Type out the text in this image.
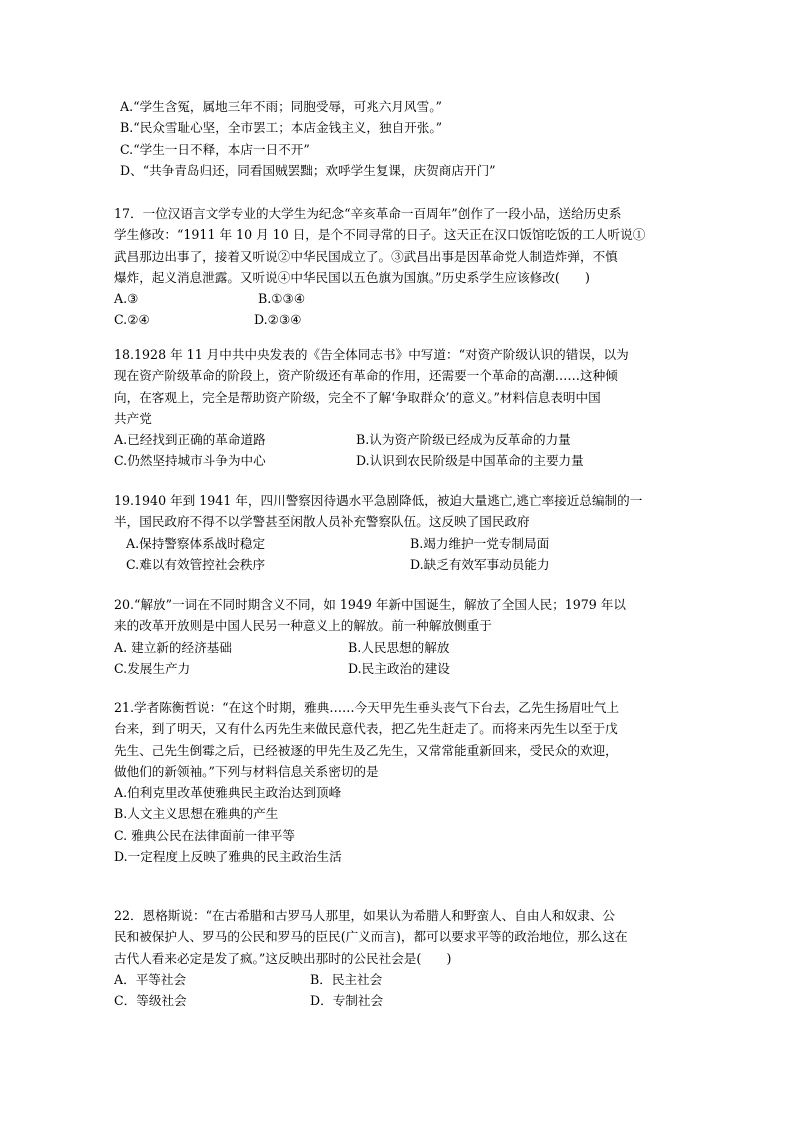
A.“学生含冤，属地三年不雨；同胞受辱，可兆六月风雪。”
B.“民众雪耻心坚，全市罢工；本店金钱主义，独自开张。”
C.“学生一日不释，本店一日不开”
D、“共争青岛归还，同看国贼罢黜；欢呼学生复课，庆贺商店开门”
17．一位汉语言文学专业的大学生为纪念“辛亥革命一百周年”创作了一段小品，送给历史系
学生修改：“1911 年 10 月 10 日，是个不同寻常的日子。这天正在汉口饭馆吃饭的工人听说①
武昌那边出事了，接着又听说②中华民国成立了。③武昌出事是因革命党人制造炸弹，不慎
爆炸，起义消息泄露。又听说④中华民国以五色旗为国旗。”历史系学生应该修改(　　)
A.③	B.①③④
C.②④	D.②③④
18.1928 年 11 月中共中央发表的《告全体同志书》中写道：“对资产阶级认识的错误，以为
现在资产阶级革命的阶段上，资产阶级还有革命的作用，还需要一个革命的高潮……这种倾
向，在客观上，完全是帮助资产阶级，完全不了解‘争取群众’的意义。”材料信息表明中国
共产党
A.已经找到正确的革命道路	B.认为资产阶级已经成为反革命的力量
C.仍然坚持城市斗争为中心	D.认识到农民阶级是中国革命的主要力量
19.1940 年到 1941 年，四川警察因待遇水平急剧降低，被迫大量逃亡,逃亡率接近总编制的一
半，国民政府不得不以学警甚至闲散人员补充警察队伍。这反映了国民政府
A.保持警察体系战时稳定	B.竭力维护一党专制局面
C.难以有效管控社会秩序	D.缺乏有效军事动员能力
20.“解放”一词在不同时期含义不同，如 1949 年新中国诞生，解放了全国人民；1979 年以
来的改革开放则是中国人民另一种意义上的解放。前一种解放侧重于
A. 建立新的经济基础	B.人民思想的解放
C.发展生产力	D.民主政治的建设
21.学者陈衡哲说：“在这个时期，雅典……今天甲先生垂头丧气下台去，乙先生扬眉吐气上
台来，到了明天，又有什么丙先生来做民意代表，把乙先生赶走了。而将来丙先生以至于戊
先生、己先生倒霉之后，已经被逐的甲先生及乙先生，又常常能重新回来，受民众的欢迎，
做他们的新领袖。”下列与材料信息关系密切的是
A.伯利克里改革使雅典民主政治达到顶峰
B.人文主义思想在雅典的产生
C. 雅典公民在法律面前一律平等
D.一定程度上反映了雅典的民主政治生活
22．恩格斯说：“在古希腊和古罗马人那里，如果认为希腊人和野蛮人、自由人和奴隶、公
民和被保护人、罗马的公民和罗马的臣民(广义而言)，都可以要求平等的政治地位，那么这在
古代人看来必定是发了疯。”这反映出那时的公民社会是(　　)
A．平等社会	B．民主社会
C．等级社会	D．专制社会
